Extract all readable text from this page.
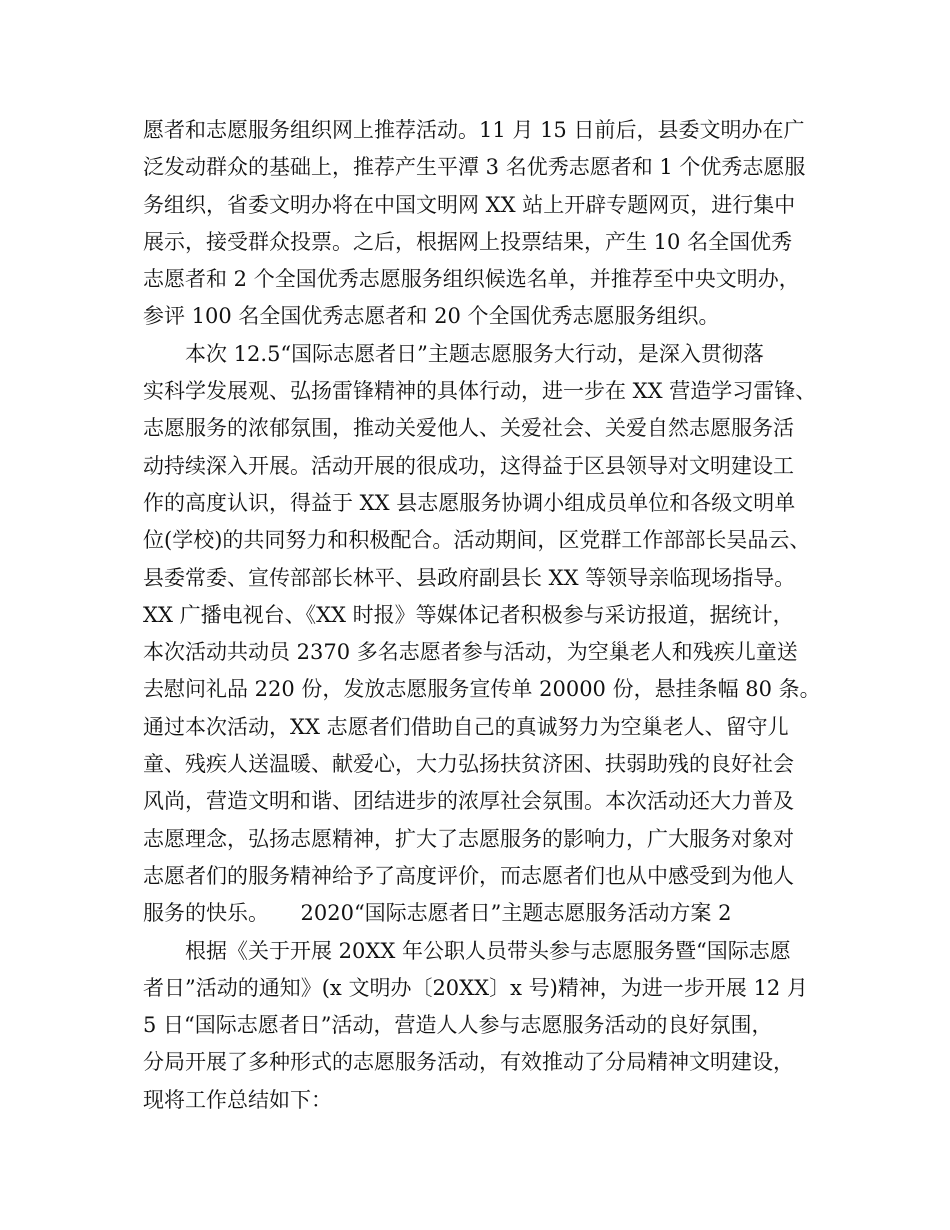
愿者和志愿服务组织网上推荐活动。11 月 15 日前后，县委文明办在广
泛发动群众的基础上，推荐产生平潭 3 名优秀志愿者和 1 个优秀志愿服
务组织，省委文明办将在中国文明网 XX 站上开辟专题网页，进行集中
展示，接受群众投票。之后，根据网上投票结果，产生 10 名全国优秀
志愿者和 2 个全国优秀志愿服务组织候选名单，并推荐至中央文明办，
参评 100 名全国优秀志愿者和 20 个全国优秀志愿服务组织。
本次 12.5“国际志愿者日”主题志愿服务大行动，是深入贯彻落
实科学发展观、弘扬雷锋精神的具体行动，进一步在 XX 营造学习雷锋、
志愿服务的浓郁氛围，推动关爱他人、关爱社会、关爱自然志愿服务活
动持续深入开展。活动开展的很成功，这得益于区县领导对文明建设工
作的高度认识，得益于 XX 县志愿服务协调小组成员单位和各级文明单
位(学校)的共同努力和积极配合。活动期间，区党群工作部部长吴品云、
县委常委、宣传部部长林平、县政府副县长 XX 等领导亲临现场指导。
XX 广播电视台、《XX 时报》等媒体记者积极参与采访报道，据统计，
本次活动共动员 2370 多名志愿者参与活动，为空巢老人和残疾儿童送
去慰问礼品 220 份，发放志愿服务宣传单 20000 份，悬挂条幅 80 条。
通过本次活动，XX 志愿者们借助自己的真诚努力为空巢老人、留守儿
童、残疾人送温暖、献爱心，大力弘扬扶贫济困、扶弱助残的良好社会
风尚，营造文明和谐、团结进步的浓厚社会氛围。本次活动还大力普及
志愿理念，弘扬志愿精神，扩大了志愿服务的影响力，广大服务对象对
志愿者们的服务精神给予了高度评价，而志愿者们也从中感受到为他人
服务的快乐。　　2020“国际志愿者日”主题志愿服务活动方案 2
根据《关于开展 20XX 年公职人员带头参与志愿服务暨“国际志愿
者日”活动的通知》(x 文明办〔20XX〕x 号)精神，为进一步开展 12 月
5 日“国际志愿者日”活动，营造人人参与志愿服务活动的良好氛围，
分局开展了多种形式的志愿服务活动，有效推动了分局精神文明建设，
现将工作总结如下：
